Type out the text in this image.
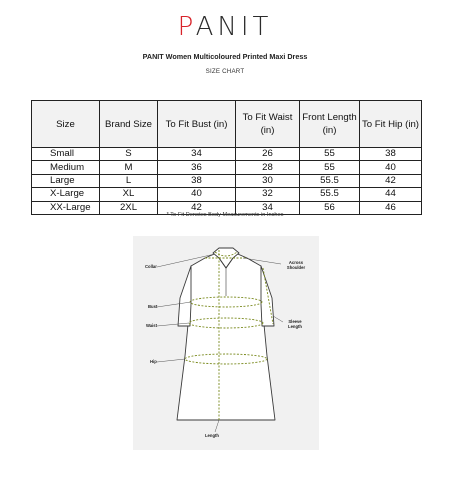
PANIT
PANIT Women Multicoloured Printed Maxi Dress
SIZE CHART
Size	Brand Size	To Fit Bust (in)	To Fit Waist (in)	Front Length (in)	To Fit Hip (in)
Small	S	34	26	55	38
Medium	M	36	28	55	40
Large	L	38	30	55.5	42
X-Large	XL	40	32	55.5	44
XX-Large	2XL	42	34	56	46
* To-Fit Denotes Body Measurements in Inches
Collar
Bust
Waist
Hip
Across Shoulder
Sleeve Length
Length
